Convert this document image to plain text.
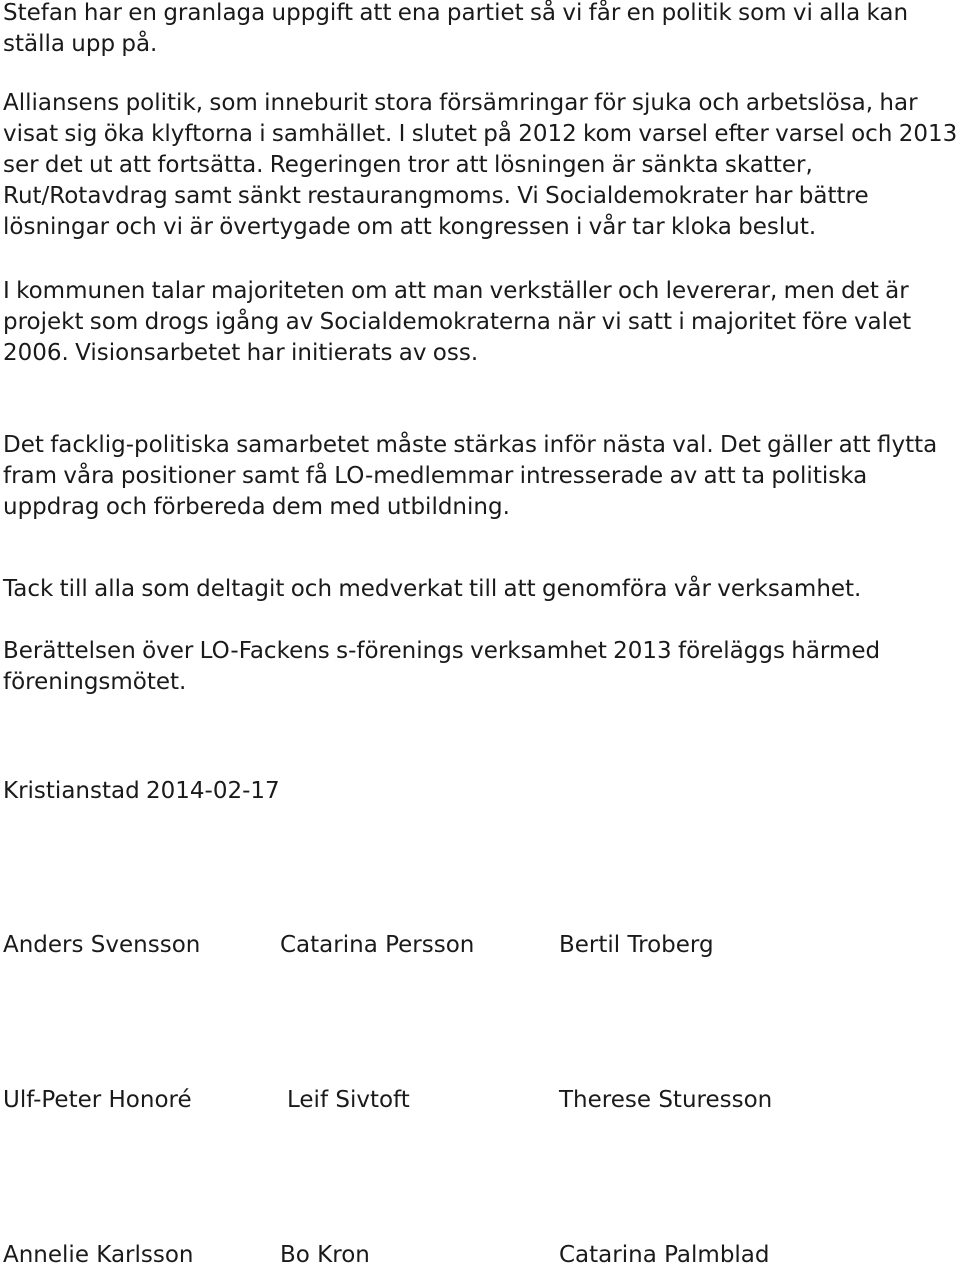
Stefan har en granlaga uppgift att ena partiet så vi får en politik som vi alla kan
ställa upp på.

Alliansens politik, som inneburit stora försämringar för sjuka och arbetslösa, har
visat sig öka klyftorna i samhället. I slutet på 2012 kom varsel efter varsel och 2013
ser det ut att fortsätta. Regeringen tror att lösningen är sänkta skatter,
Rut/Rotavdrag samt sänkt restaurangmoms. Vi Socialdemokrater har bättre
lösningar och vi är övertygade om att kongressen i vår tar kloka beslut.

I kommunen talar majoriteten om att man verkställer och levererar, men det är
projekt som drogs igång av Socialdemokraterna när vi satt i majoritet före valet
2006. Visionsarbetet har initierats av oss.

Det facklig-politiska samarbetet måste stärkas inför nästa val. Det gäller att flytta
fram våra positioner samt få LO-medlemmar intresserade av att ta politiska
uppdrag och förbereda dem med utbildning.

Tack till alla som deltagit och medverkat till att genomföra vår verksamhet.

Berättelsen över LO-Fackens s-förenings verksamhet 2013 föreläggs härmed
föreningsmötet.

Kristianstad 2014-02-17

Anders Svensson	Catarina Persson	Bertil Troberg
Ulf-Peter Honoré	Leif Sivtoft	Therese Sturesson
Annelie Karlsson	Bo Kron	Catarina Palmblad
